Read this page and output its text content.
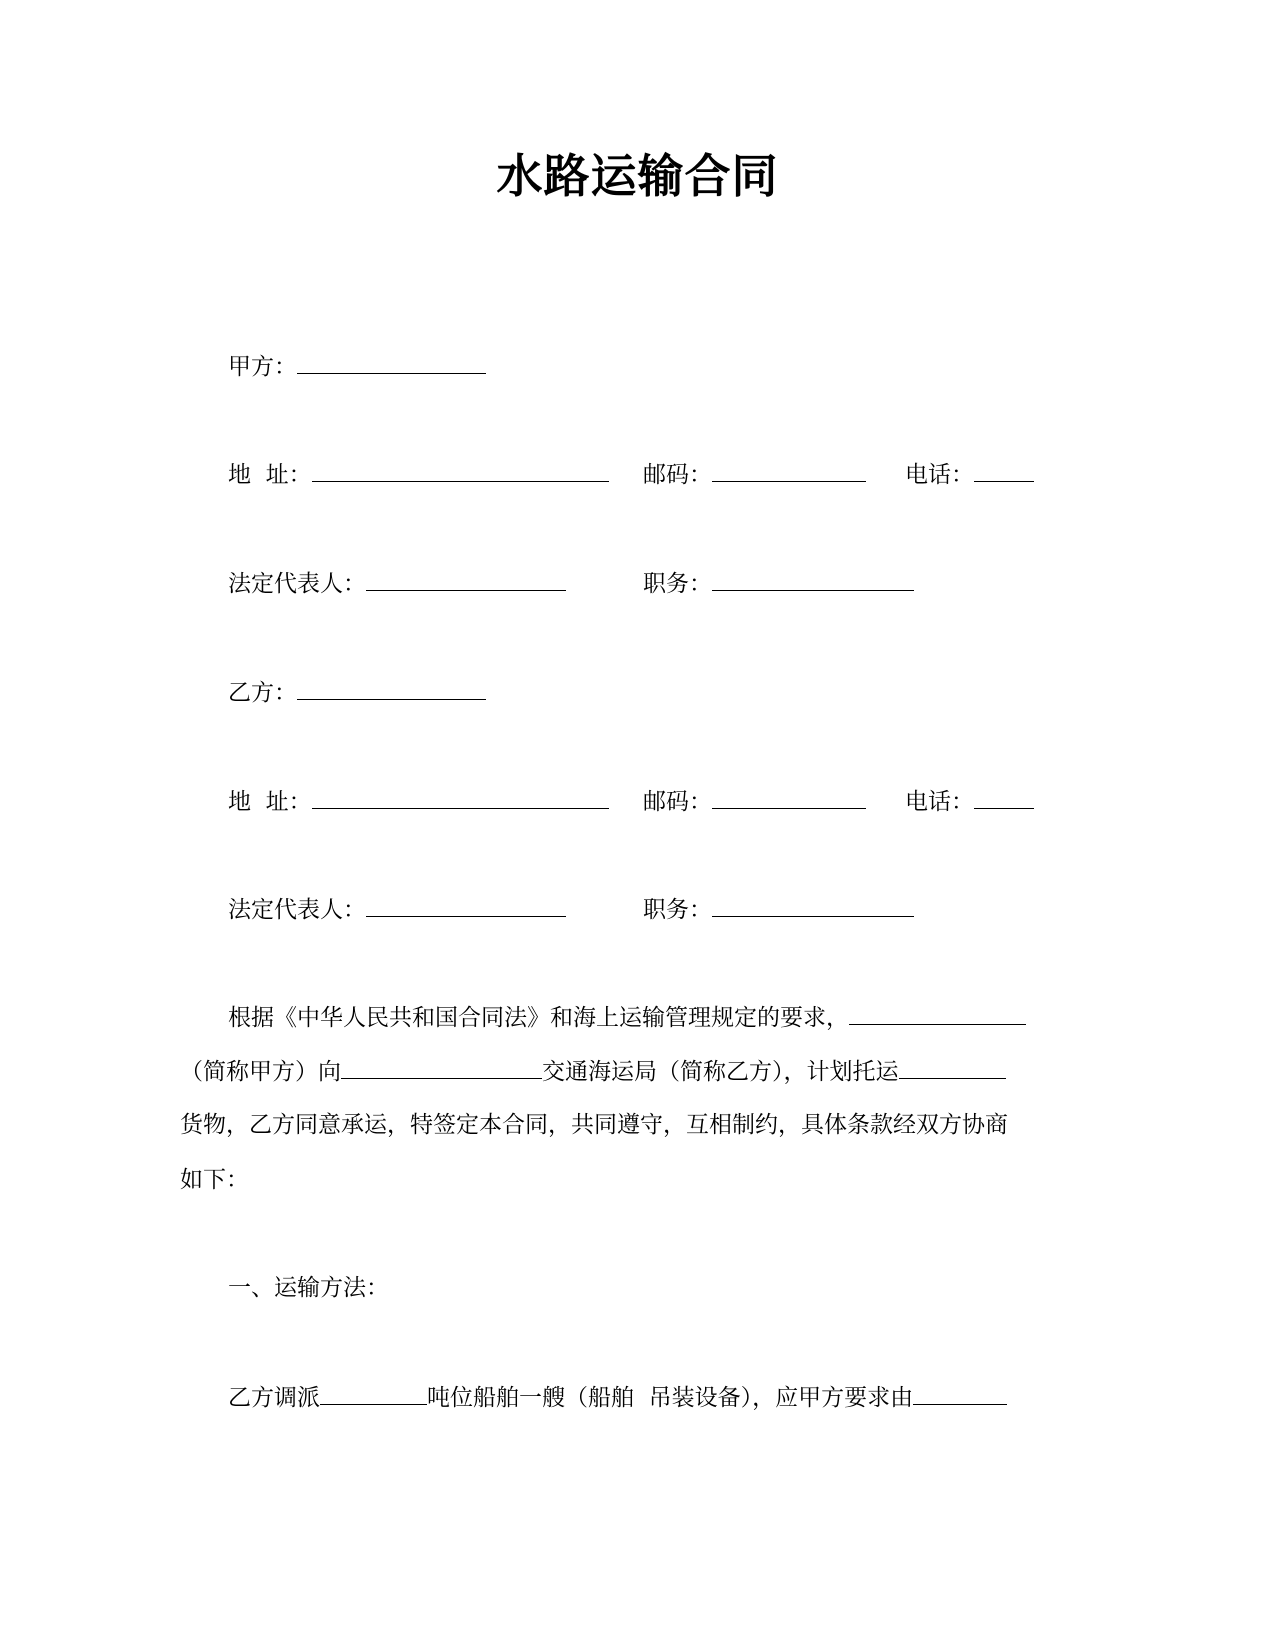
水路运输合同
甲方：
地  址：	邮码：	电话：
法定代表人：	职务：
乙方：
地  址：	邮码：	电话：
法定代表人：	职务：
根据《中华人民共和国合同法》和海上运输管理规定的要求，
（简称甲方）向	交通海运局（简称乙方），计划托运
货物，乙方同意承运，特签定本合同，共同遵守，互相制约，具体条款经双方协商
如下：
一、运输方法：
乙方调派	吨位船舶一艘（船舶  吊装设备），应甲方要求由
